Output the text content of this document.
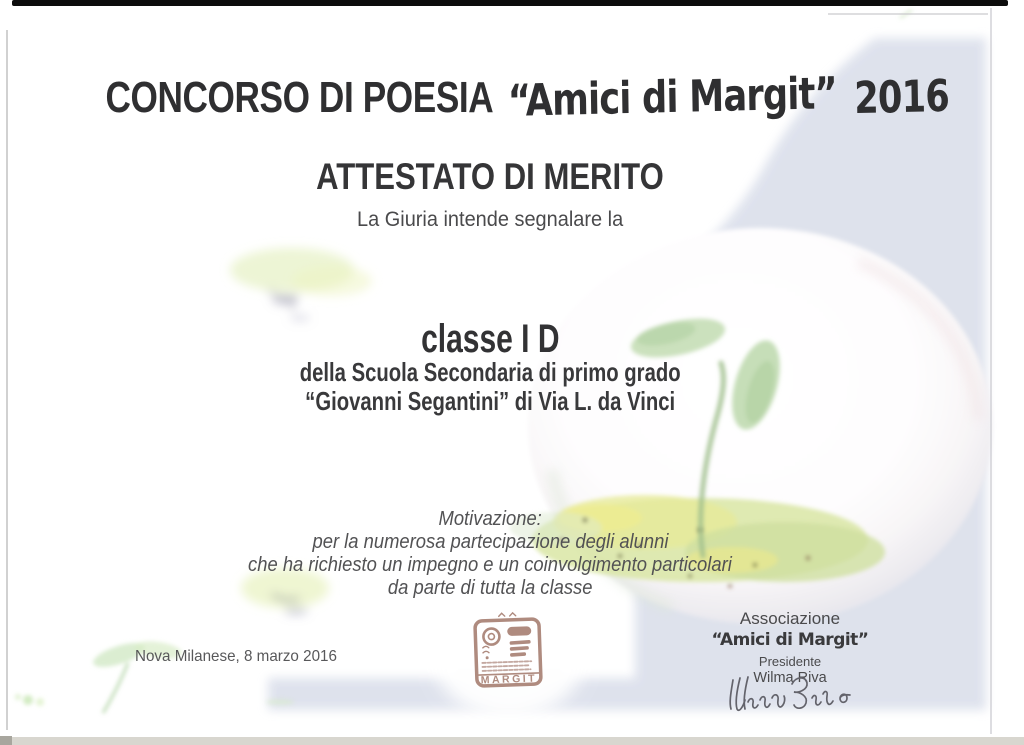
CONCORSO DI POESIA “Amici di Margit” 2016
ATTESTATO DI MERITO
La Giuria intende segnalare la
classe I D
della Scuola Secondaria di primo grado
“Giovanni Segantini” di Via L. da Vinci
Motivazione:
per la numerosa partecipazione degli alunni
che ha richiesto un impegno e un coinvolgimento particolari
da parte di tutta la classe
Nova Milanese, 8 marzo 2016
MARGIT
Associazione
“Amici di Margit”
Presidente
Wilma Riva
